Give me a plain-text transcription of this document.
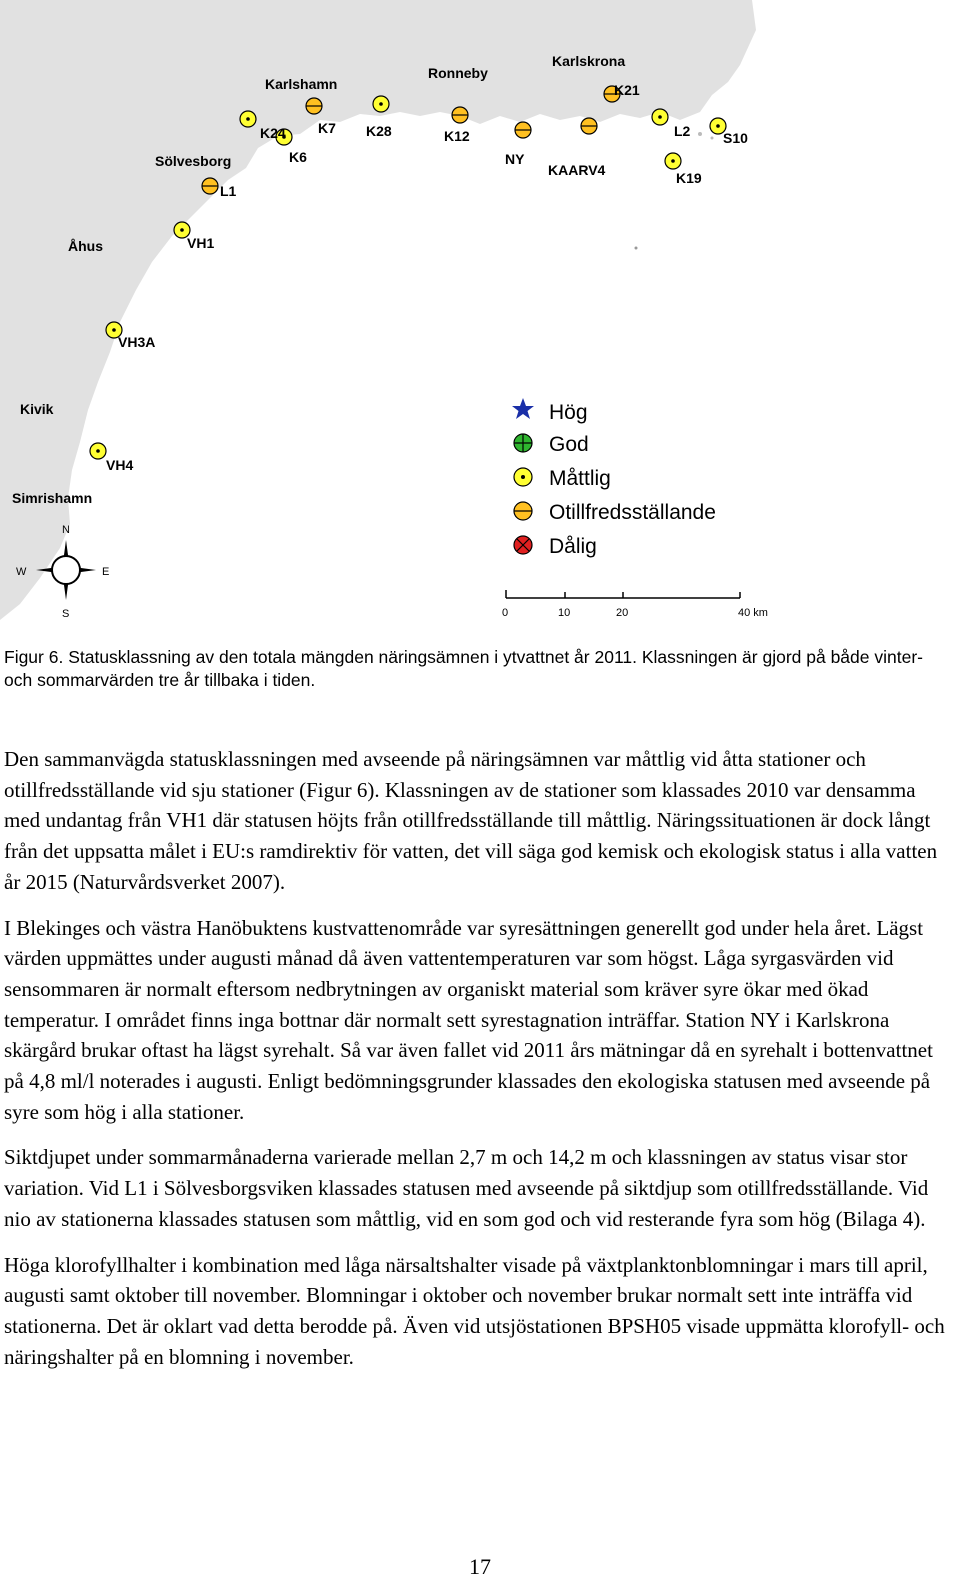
Karlshamn
Ronneby
Karlskrona
Sölvesborg
Åhus
Kivik
Simrishamn
K24 K7 K28
K6
K12
NY
KAARV4
K21
L2 S10
K19
L1
VH1
VH3A
VH4
Hög
God
Måttlig
Otillfredsställande
Dålig
0	10	20	40 km
N
S
E
W
Figur 6. Statusklassning av den totala mängden näringsämnen i ytvattnet år 2011. Klassningen är gjord på både vinter- och sommarvärden tre år tillbaka i tiden.

Den sammanvägda statusklassningen med avseende på näringsämnen var måttlig vid åtta stationer och otillfredsställande vid sju stationer (Figur 6). Klassningen av de stationer som klassades 2010 var densamma med undantag från VH1 där statusen höjts från otillfredsställande till måttlig. Näringssituationen är dock långt från det uppsatta målet i EU:s ramdirektiv för vatten, det vill säga god kemisk och ekologisk status i alla vatten år 2015 (Naturvårdsverket 2007).

I Blekinges och västra Hanöbuktens kustvattenområde var syresättningen generellt god under hela året. Lägst värden uppmättes under augusti månad då även vattentemperaturen var som högst. Låga syrgasvärden vid sensommaren är normalt eftersom nedbrytningen av organiskt material som kräver syre ökar med ökad temperatur. I området finns inga bottnar där normalt sett syrestagnation inträffar. Station NY i Karlskrona skärgård brukar oftast ha lägst syrehalt. Så var även fallet vid 2011 års mätningar då en syrehalt i bottenvattnet på 4,8 ml/l noterades i augusti. Enligt bedömningsgrunder klassades den ekologiska statusen med avseende på syre som hög i alla stationer.

Siktdjupet under sommarmånaderna varierade mellan 2,7 m och 14,2 m och klassningen av status visar stor variation. Vid L1 i Sölvesborgsviken klassades statusen med avseende på siktdjup som otillfredsställande. Vid nio av stationerna klassades statusen som måttlig, vid en som god och vid resterande fyra som hög (Bilaga 4).

Höga klorofyllhalter i kombination med låga närsaltshalter visade på växtplanktonblomningar i mars till april, augusti samt oktober till november. Blomningar i oktober och november brukar normalt sett inte inträffa vid stationerna. Det är oklart vad detta berodde på. Även vid utsjöstationen BPSH05 visade uppmätta klorofyll- och näringshalter på en blomning i november.

17
